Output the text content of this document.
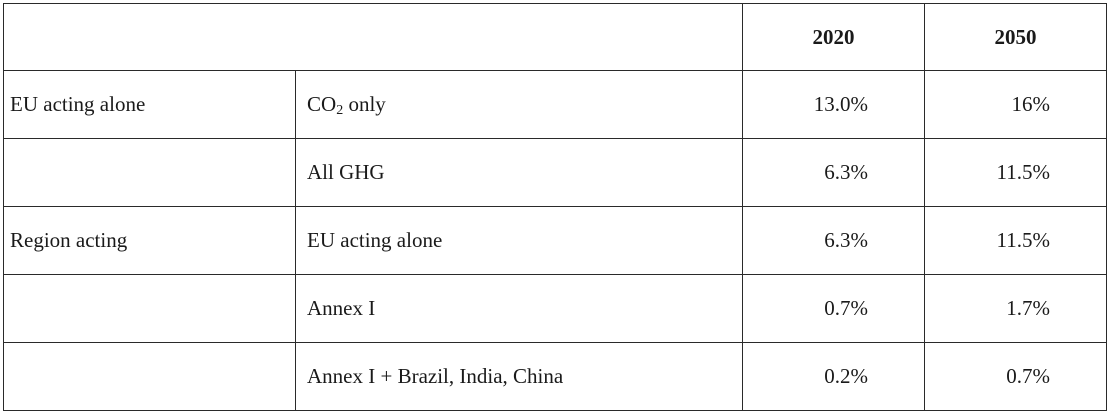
		2020	2050
EU acting alone	$CO_2$ only	13.0%	16%
	All GHG	6.3%	11.5%
Region acting	EU acting alone	6.3%	11.5%
	Annex I	0.7%	1.7%
	Annex I + Brazil, India, China	0.2%	0.7%
